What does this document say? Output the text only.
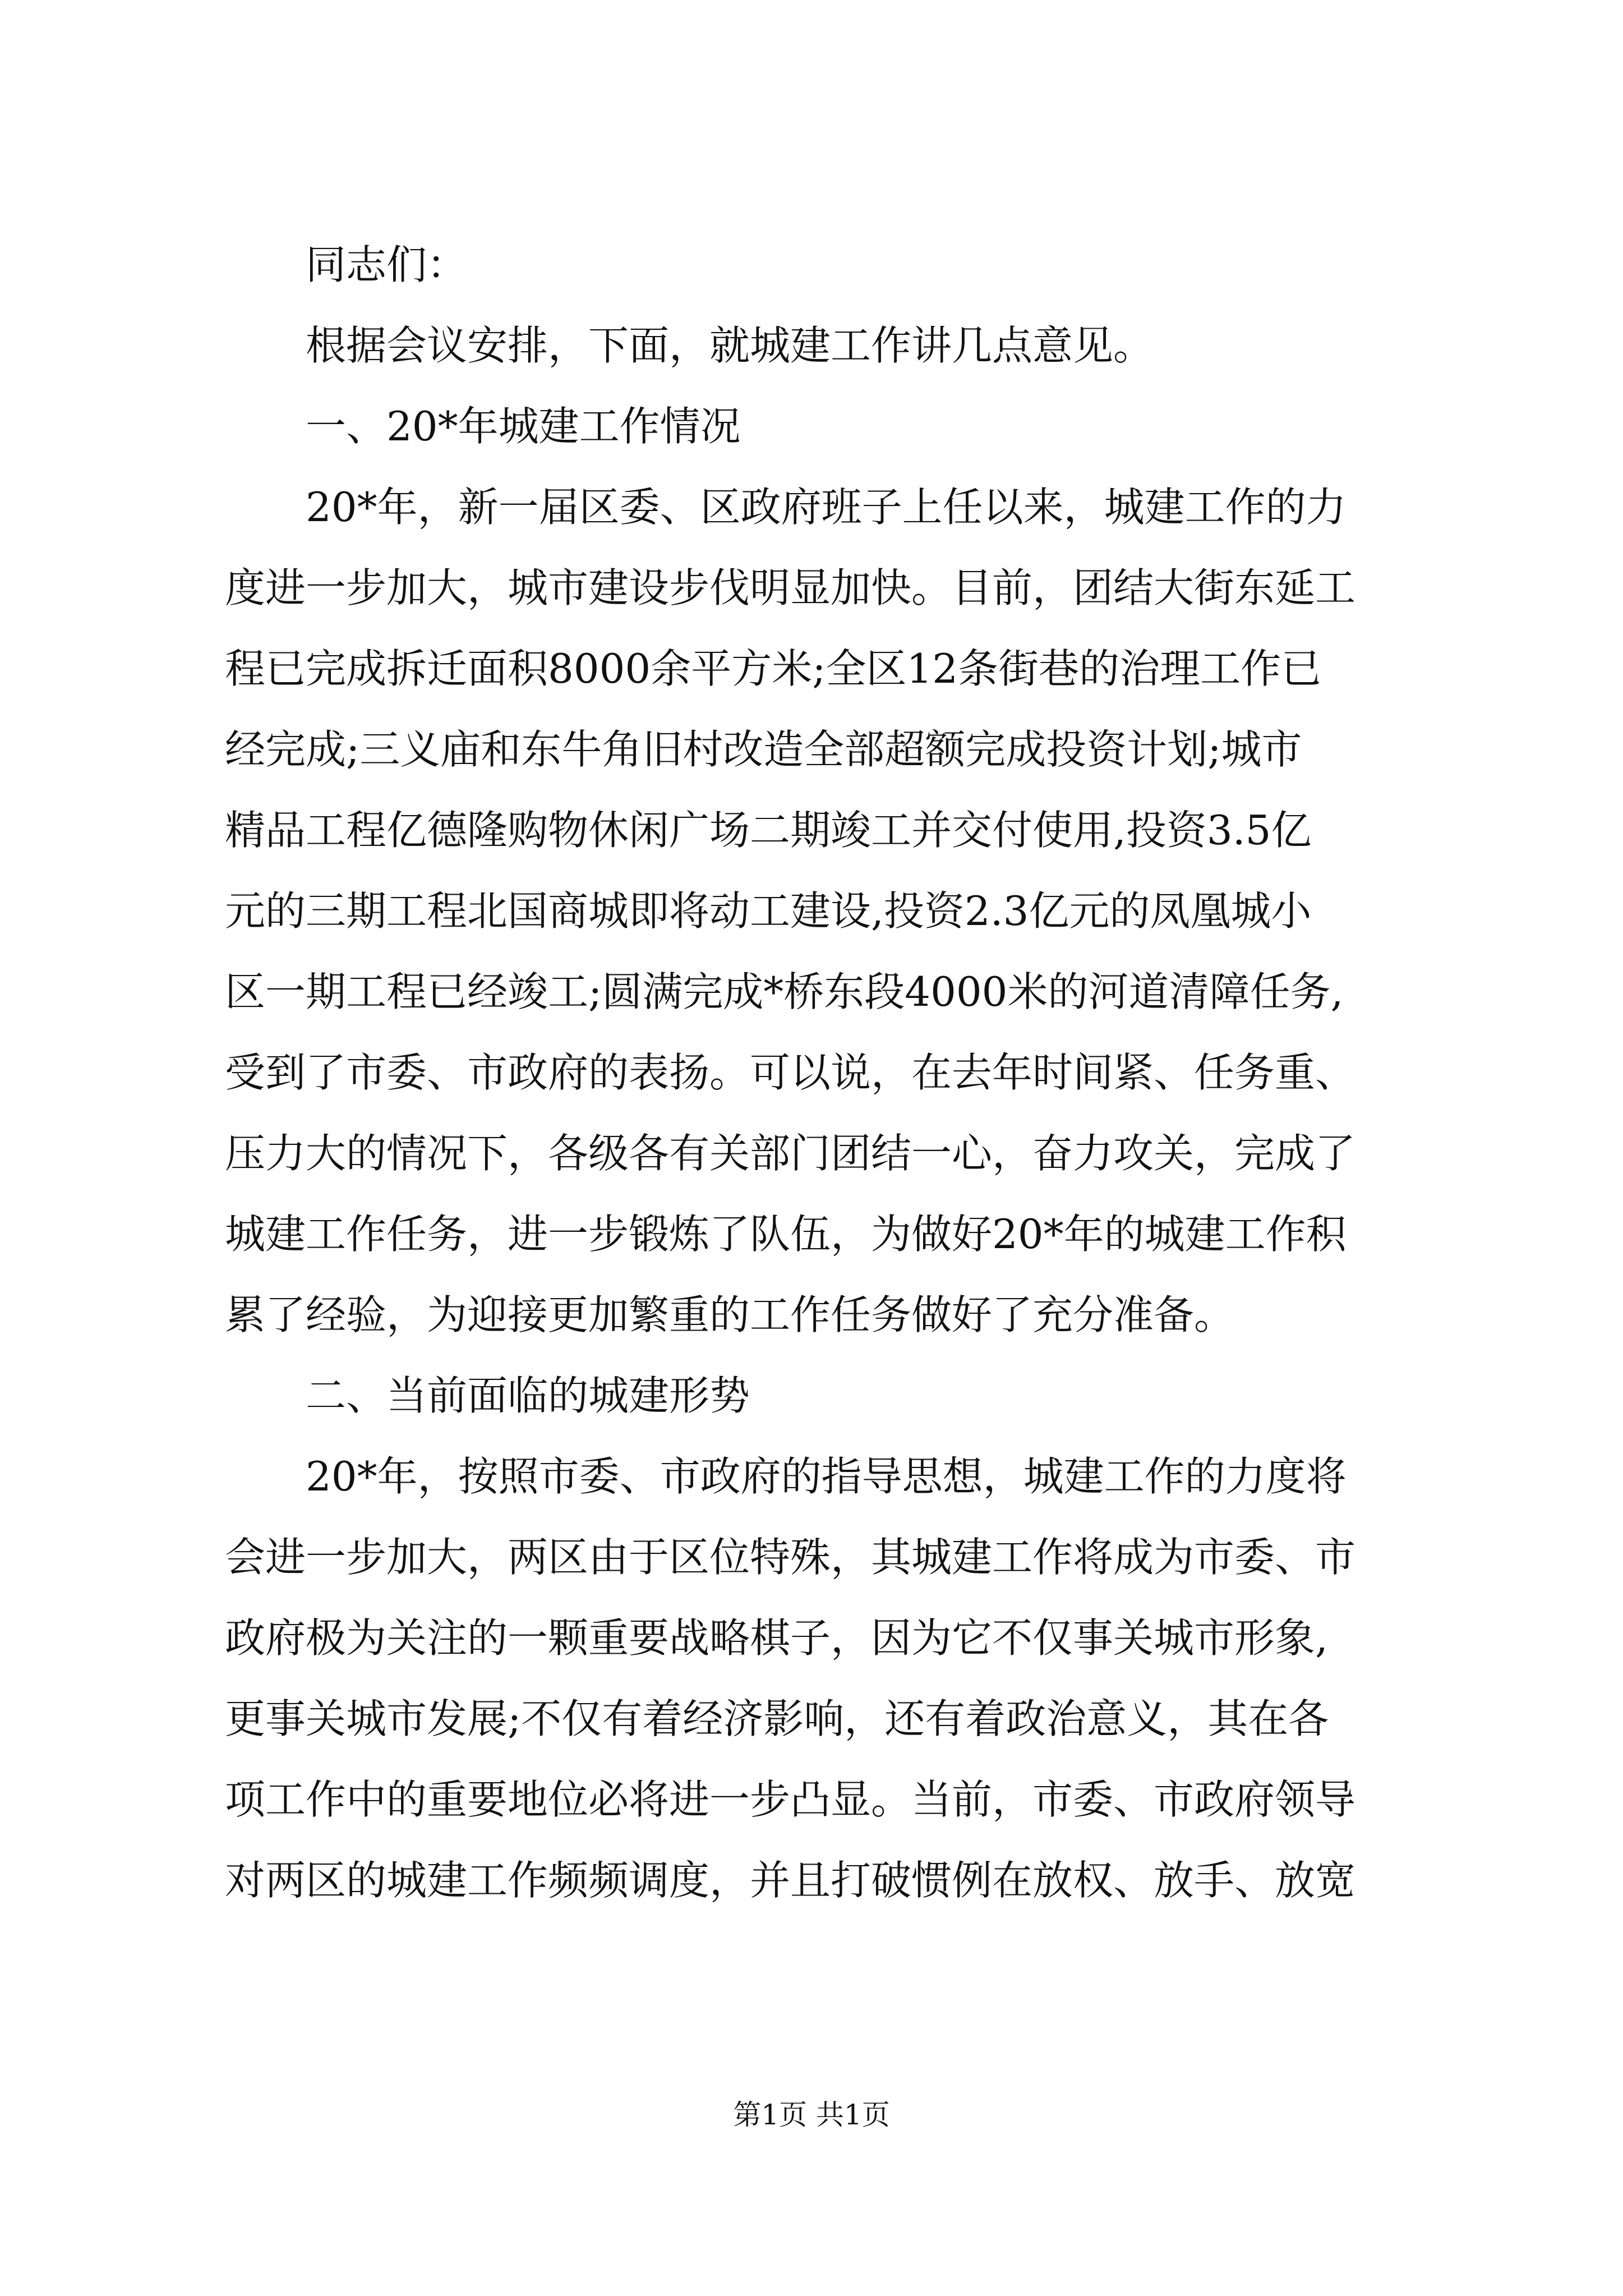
同志们：
根据会议安排，下面，就城建工作讲几点意见。
一、20*年城建工作情况
20*年，新一届区委、区政府班子上任以来，城建工作的力
度进一步加大，城市建设步伐明显加快。目前，团结大街东延工
程已完成拆迁面积8000余平方米;全区12条街巷的治理工作已
经完成;三义庙和东牛角旧村改造全部超额完成投资计划;城市
精品工程亿德隆购物休闲广场二期竣工并交付使用,投资3.5亿
元的三期工程北国商城即将动工建设,投资2.3亿元的凤凰城小
区一期工程已经竣工;圆满完成*桥东段4000米的河道清障任务,
受到了市委、市政府的表扬。可以说，在去年时间紧、任务重、
压力大的情况下，各级各有关部门团结一心，奋力攻关，完成了
城建工作任务，进一步锻炼了队伍，为做好20*年的城建工作积
累了经验，为迎接更加繁重的工作任务做好了充分准备。
二、当前面临的城建形势
20*年，按照市委、市政府的指导思想，城建工作的力度将
会进一步加大，两区由于区位特殊，其城建工作将成为市委、市
政府极为关注的一颗重要战略棋子，因为它不仅事关城市形象,
更事关城市发展;不仅有着经济影响，还有着政治意义，其在各
项工作中的重要地位必将进一步凸显。当前，市委、市政府领导
对两区的城建工作频频调度，并且打破惯例在放权、放手、放宽
第1页 共1页
